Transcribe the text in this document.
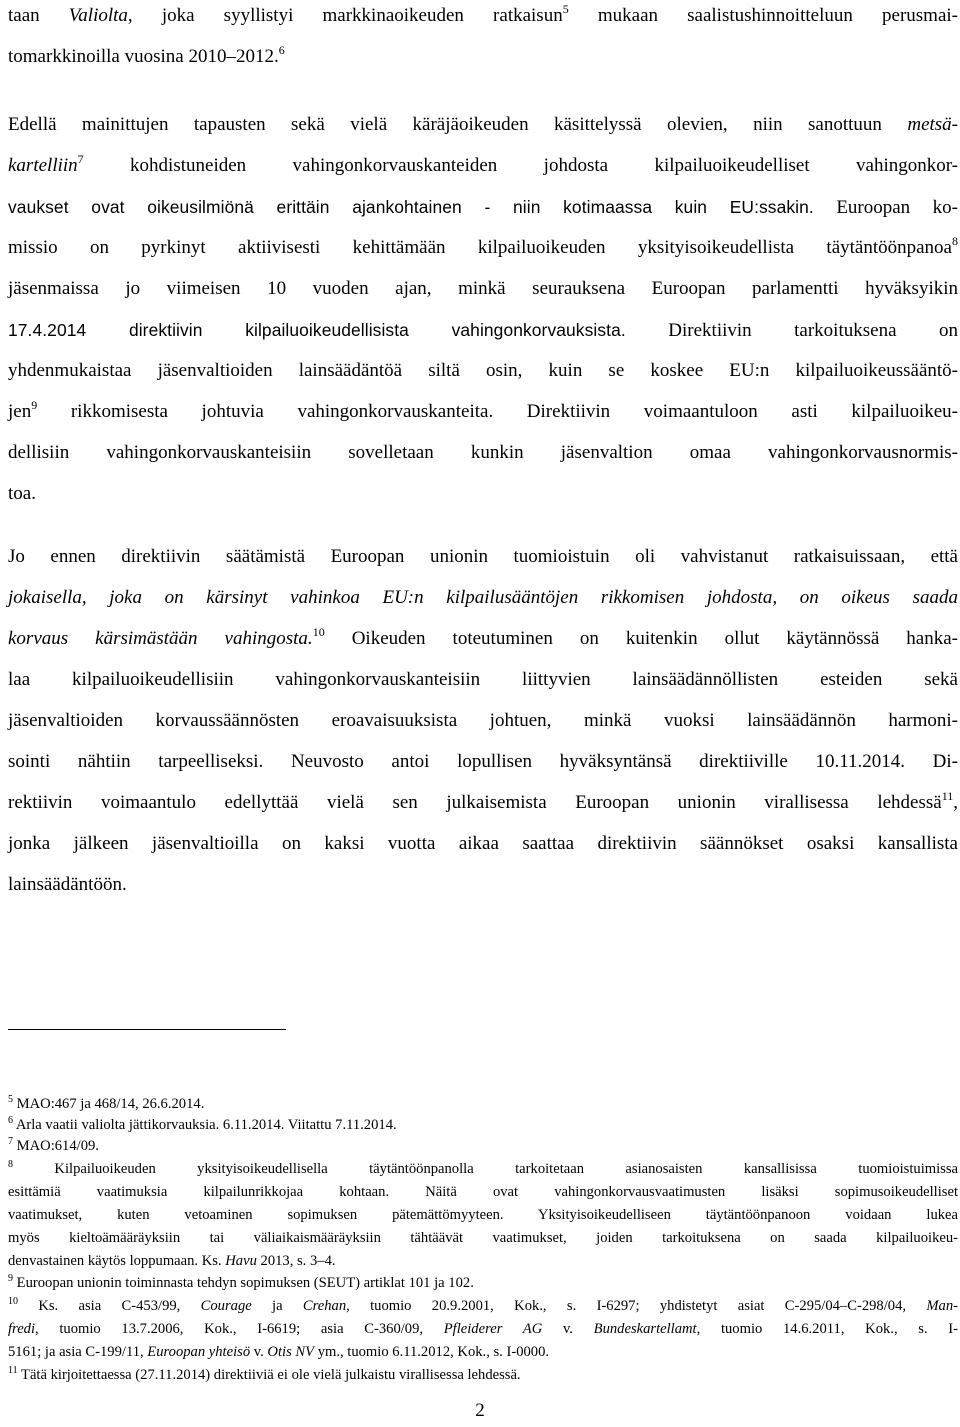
taan Valiolta, joka syyllistyi markkinaoikeuden ratkaisun$^5$ mukaan saalistushinnoitteluun perusmai-
tomarkkinoilla vuosina 2010–2012.$^6$
Edellä mainittujen tapausten sekä vielä käräjäoikeuden käsittelyssä olevien, niin sanottuun metsä-
kartelliin$^7$ kohdistuneiden vahingonkorvauskanteiden johdosta kilpailuoikeudelliset vahingonkor-
vaukset ovat oikeusilmiönä erittäin ajankohtainen - niin kotimaassa kuin EU:ssakin. Euroopan ko-
missio on pyrkinyt aktiivisesti kehittämään kilpailuoikeuden yksityisoikeudellista täytäntöönpanoa$^8$
jäsenmaissa jo viimeisen 10 vuoden ajan, minkä seurauksena Euroopan parlamentti hyväksyikin
17.4.2014 direktiivin kilpailuoikeudellisista vahingonkorvauksista. Direktiivin tarkoituksena on
yhdenmukaistaa jäsenvaltioiden lainsäädäntöä siltä osin, kuin se koskee EU:n kilpailuoikeussääntö-
jen$^9$ rikkomisesta johtuvia vahingonkorvauskanteita. Direktiivin voimaantuloon asti kilpailuoikeu-
dellisiin vahingonkorvauskanteisiin sovelletaan kunkin jäsenvaltion omaa vahingonkorvausnormis-
toa.
Jo ennen direktiivin säätämistä Euroopan unionin tuomioistuin oli vahvistanut ratkaisuissaan, että
jokaisella, joka on kärsinyt vahinkoa EU:n kilpailusääntöjen rikkomisen johdosta, on oikeus saada
korvaus kärsimästään vahingosta.$^{10}$ Oikeuden toteutuminen on kuitenkin ollut käytännössä hanka-
laa kilpailuoikeudellisiin vahingonkorvauskanteisiin liittyvien lainsäädännöllisten esteiden sekä
jäsenvaltioiden korvaussäännösten eroavaisuuksista johtuen, minkä vuoksi lainsäädännön harmoni-
sointi nähtiin tarpeelliseksi. Neuvosto antoi lopullisen hyväksyntänsä direktiiville 10.11.2014. Di-
rektiivin voimaantulo edellyttää vielä sen julkaisemista Euroopan unionin virallisessa lehdessä$^{11}$,
jonka jälkeen jäsenvaltioilla on kaksi vuotta aikaa saattaa direktiivin säännökset osaksi kansallista
lainsäädäntöön.
$^5$ MAO:467 ja 468/14, 26.6.2014.
$^6$ Arla vaatii valiolta jättikorvauksia. 6.11.2014. Viitattu 7.11.2014.
$^7$ MAO:614/09.
$^8$ Kilpailuoikeuden yksityisoikeudellisella täytäntöönpanolla tarkoitetaan asianosaisten kansallisissa tuomioistuimissa
esittämiä vaatimuksia kilpailunrikkojaa kohtaan. Näitä ovat vahingonkorvausvaatimusten lisäksi sopimusoikeudelliset
vaatimukset, kuten vetoaminen sopimuksen pätemättömyyteen. Yksityisoikeudelliseen täytäntöönpanoon voidaan lukea
myös kieltoämääräyksiin tai väliaikaismääräyksiin tähtäävät vaatimukset, joiden tarkoituksena on saada kilpailuoikeu-
denvastainen käytös loppumaan. Ks. Havu 2013, s. 3–4.
$^9$ Euroopan unionin toiminnasta tehdyn sopimuksen (SEUT) artiklat 101 ja 102.
$^{10}$ Ks. asia C-453/99, Courage ja Crehan, tuomio 20.9.2001, Kok., s. I-6297; yhdistetyt asiat C-295/04–C-298/04, Man-
fredi, tuomio 13.7.2006, Kok., I-6619; asia C-360/09, Pfleiderer AG v. Bundeskartellamt, tuomio 14.6.2011, Kok., s. I-
5161; ja asia C-199/11, Euroopan yhteisö v. Otis NV ym., tuomio 6.11.2012, Kok., s. I-0000.
$^{11}$ Tätä kirjoitettaessa (27.11.2014) direktiiviä ei ole vielä julkaistu virallisessa lehdessä.
2
